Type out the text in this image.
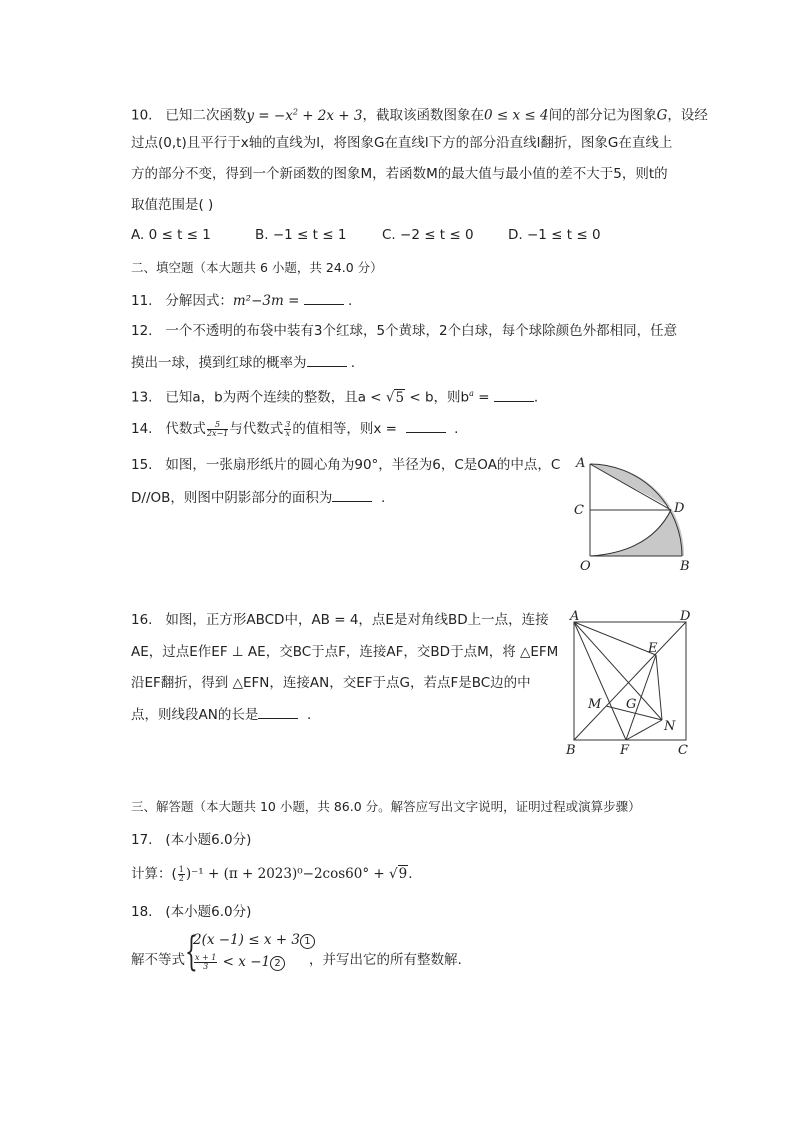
10. 已知二次函数$y = -x^2 + 2x + 3$，截取该函数图象在0 ≤ x ≤ 4间的部分记为图象G，设经
过点(0,t)且平行于x轴的直线为l，将图象G在直线l下方的部分沿直线l翻折，图象G在直线上
方的部分不变，得到一个新函数的图象M，若函数M的最大值与最小值的差不大于5，则t的
取值范围是( )
A. 0 ≤ t ≤ 1	B. −1 ≤ t ≤ 1	C. −2 ≤ t ≤ 0	D. −1 ≤ t ≤ 0
二、填空题（本大题共 6 小题，共 24.0 分）
11. 分解因式：m²−3m =	.
12. 一个不透明的布袋中装有3个红球，5个黄球，2个白球，每个球除颜色外都相同，任意
摸出一球，摸到红球的概率为	.
13. 已知a，b为两个连续的整数，且a < √5 < b，则$b^a$ =	.
14. 代数式 $\frac{5}{2x-1}$ 与代数式 $\frac{3}{x}$ 的值相等，则x =	.
15. 如图，一张扇形纸片的圆心角为90°，半径为6，C是OA的中点，C
D//OB，则图中阴影部分的面积为	.
A
C	D
O	B
16. 如图，正方形ABCD中，AB = 4，点E是对角线BD上一点，连接
AE，过点E作EF ⊥ AE，交BC于点F，连接AF，交BD于点M，将 △EFM
沿EF翻折，得到 △EFN，连接AN，交EF于点G，若点F是BC边的中
点，则线段AN的长是	.
A	D
E
M G
N
B	F	C
三、解答题（本大题共 10 小题，共 86.0 分。解答应写出文字说明，证明过程或演算步骤）
17. (本小题6.0分)
计算：( $\frac{1}{2} )^{-1} + (\pi + 2023)^0-2\cos 60^\circ + √9$.
18. (本小题6.0分)
解不等式 {
2(x −1) ≤ x + 3 1
$\frac{x + 1}{3} < x -1$ 2	，并写出它的所有整数解.
